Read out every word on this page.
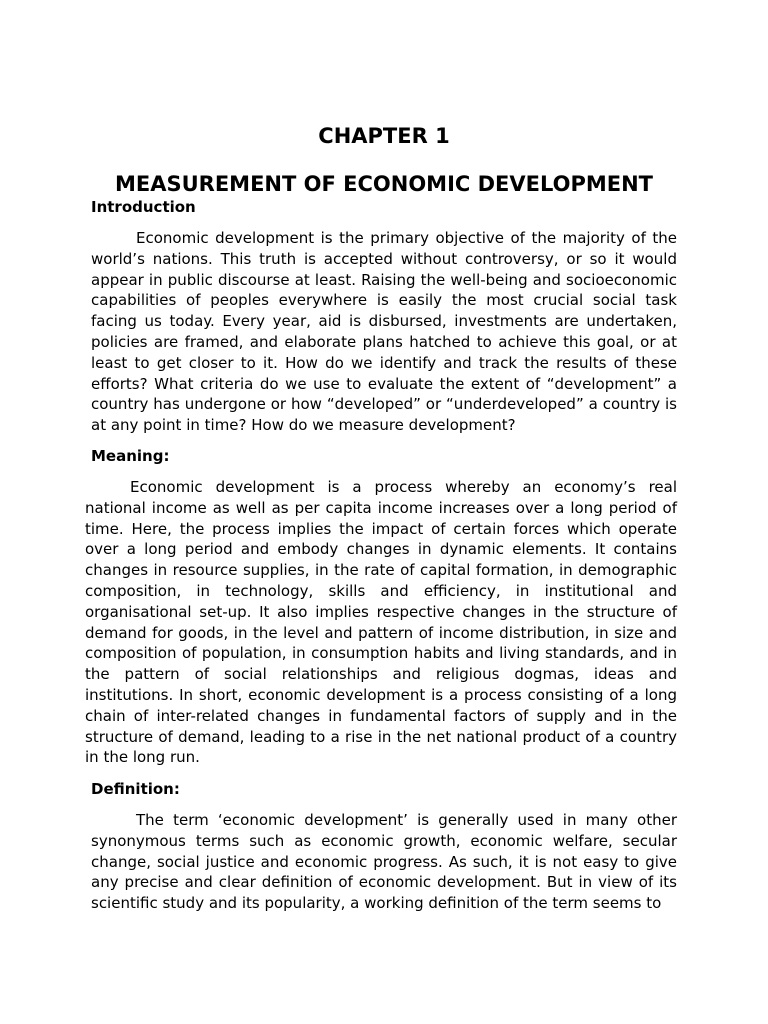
CHAPTER 1
MEASUREMENT OF ECONOMIC DEVELOPMENT
Introduction

Economic development is the primary objective of the majority of the world’s nations. This truth is accepted without controversy, or so it would appear in public discourse at least. Raising the well-being and socioeconomic capabilities of peoples everywhere is easily the most crucial social task facing us today. Every year, aid is disbursed, investments are undertaken, policies are framed, and elaborate plans hatched to achieve this goal, or at least to get closer to it. How do we identify and track the results of these efforts? What criteria do we use to evaluate the extent of “development” a country has undergone or how “developed” or “underdeveloped” a country is at any point in time? How do we measure development?

Meaning:

Economic development is a process whereby an economy’s real national income as well as per capita income increases over a long period of time. Here, the process implies the impact of certain forces which operate over a long period and embody changes in dynamic elements. It contains changes in resource supplies, in the rate of capital formation, in demographic composition, in technology, skills and efficiency, in institutional and organisational set-up. It also implies respective changes in the structure of demand for goods, in the level and pattern of income distribution, in size and composition of population, in consumption habits and living standards, and in the pattern of social relationships and religious dogmas, ideas and institutions. In short, economic development is a process consisting of a long chain of inter-related changes in fundamental factors of supply and in the structure of demand, leading to a rise in the net national product of a country in the long run.

Definition:

The term ‘economic development’ is generally used in many other synonymous terms such as economic growth, economic welfare, secular change, social justice and economic progress. As such, it is not easy to give any precise and clear definition of economic development. But in view of its scientific study and its popularity, a working definition of the term seems to
